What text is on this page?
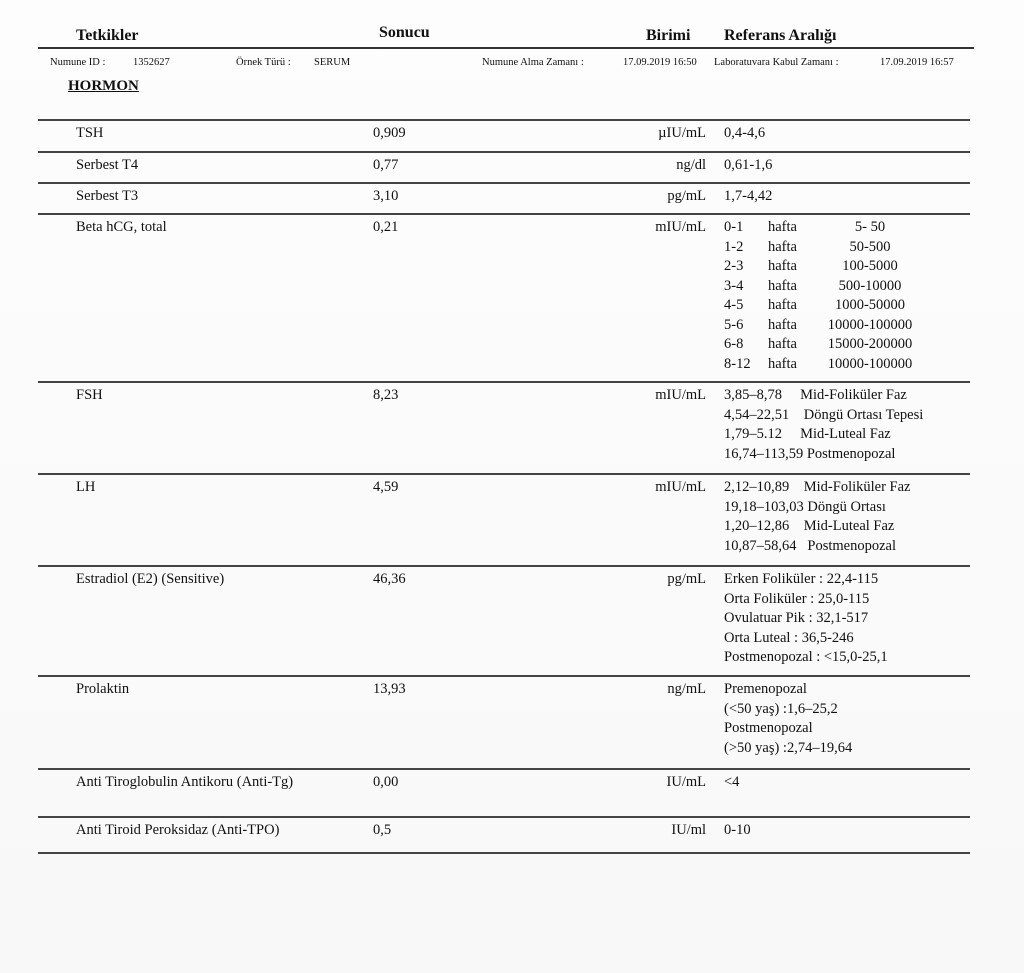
Tetkikler	Sonucu	Birimi Referans Aralığı
Numune ID :	1352627	Örnek Türü : SERUM	Numune Alma Zamanı :	17.09.2019 16:50 Laboratuvara Kabul Zamanı :	17.09.2019 16:57
HORMON
TSH	0,909	µIU/mL 0,4-4,6
Serbest T4	0,77	ng/dl 0,61-1,6
Serbest T3	3,10	pg/mL 1,7-4,42
Beta hCG, total	0,21	mIU/mL 0-1 hafta	5- 50
1-2 hafta	50-500
2-3 hafta	100-5000
3-4 hafta	500-10000
4-5 hafta	1000-50000
5-6 hafta 10000-100000
6-8 hafta 15000-200000
8-12 hafta 10000-100000
FSH	8,23	mIU/mL 3,85–8,78     Mid-Foliküler Faz
4,54–22,51    Döngü Ortası Tepesi
1,79–5.12     Mid-Luteal Faz
16,74–113,59 Postmenopozal
LH	4,59	mIU/mL 2,12–10,89    Mid-Foliküler Faz
19,18–103,03 Döngü Ortası
1,20–12,86    Mid-Luteal Faz
10,87–58,64   Postmenopozal
Estradiol (E2) (Sensitive)	46,36	pg/mL Erken Foliküler : 22,4-115
Orta Foliküler : 25,0-115
Ovulatuar Pik : 32,1-517
Orta Luteal : 36,5-246
Postmenopozal : <15,0-25,1
Prolaktin	13,93	ng/mL Premenopozal
(<50 yaş) :1,6–25,2
Postmenopozal
(>50 yaş) :2,74–19,64
Anti Tiroglobulin Antikoru (Anti-Tg)	0,00	IU/mL <4
Anti Tiroid Peroksidaz (Anti-TPO)	0,5	IU/ml 0-10
